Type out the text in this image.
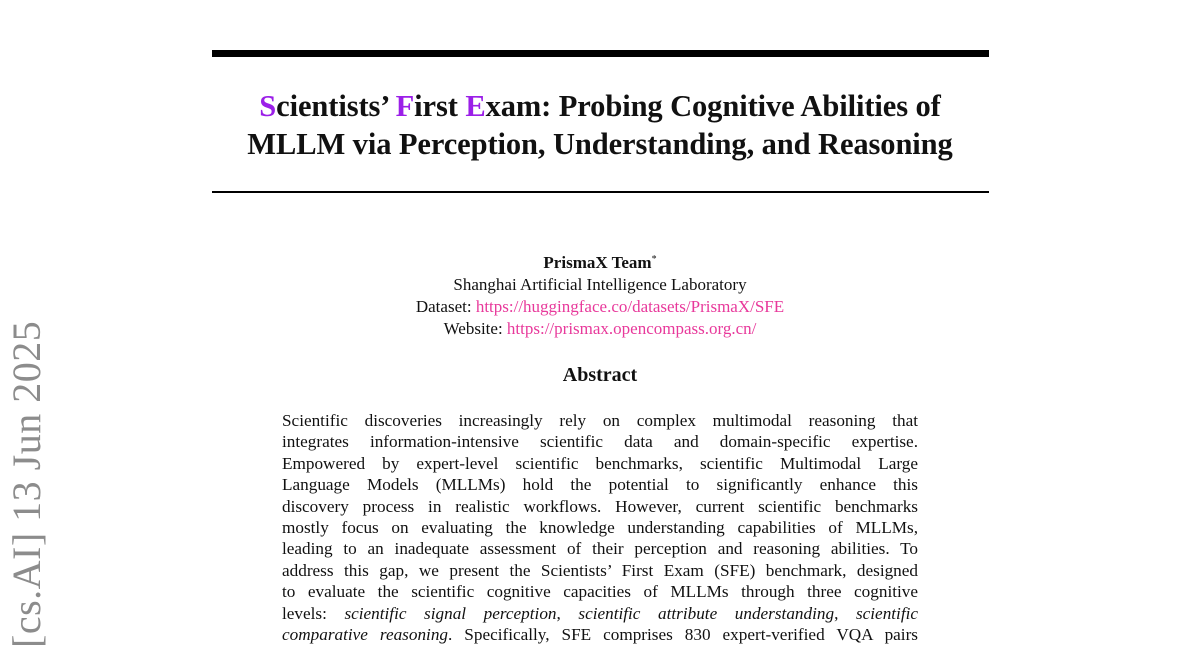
Scientists’ First Exam: Probing Cognitive Abilities of
MLLM via Perception, Understanding, and Reasoning
PrismaX Team*
Shanghai Artificial Intelligence Laboratory
Dataset: https://huggingface.co/datasets/PrismaX/SFE
Website: https://prismax.opencompass.org.cn/
Abstract
Scientific discoveries increasingly rely on complex multimodal reasoning that
integrates information-intensive scientific data and domain-specific expertise.
Empowered by expert-level scientific benchmarks, scientific Multimodal Large
Language Models (MLLMs) hold the potential to significantly enhance this
discovery process in realistic workflows. However, current scientific benchmarks
mostly focus on evaluating the knowledge understanding capabilities of MLLMs,
leading to an inadequate assessment of their perception and reasoning abilities. To
address this gap, we present the Scientists’ First Exam (SFE) benchmark, designed
to evaluate the scientific cognitive capacities of MLLMs through three cognitive
levels: scientific signal perception, scientific attribute understanding, scientific
comparative reasoning. Specifically, SFE comprises 830 expert-verified VQA pairs
[cs.AI] 13 Jun 2025
